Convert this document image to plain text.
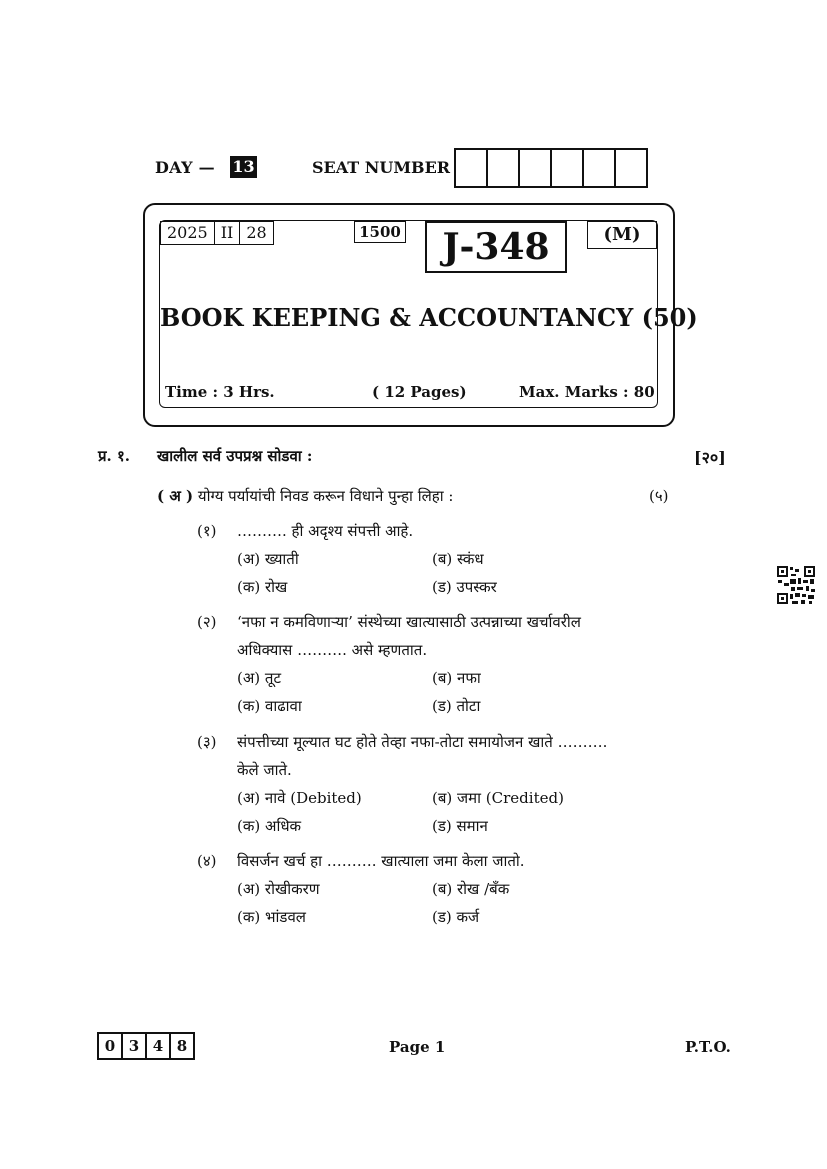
DAY — 13	SEAT NUMBER
2025 II 28	1500	J-348	(M)
BOOK KEEPING & ACCOUNTANCY (50)
Time : 3 Hrs.	( 12 Pages)	Max. Marks : 80
प्र. १. खालील सर्व उपप्रश्न सोडवा :	[२०]
( अ ) योग्य पर्यायांची निवड करून विधाने पुन्हा लिहा :	(५)
(१) ………. ही अदृश्य संपत्ती आहे.
(अ) ख्याती	(ब) स्कंध
(क) रोख	(ड) उपस्कर
(२) ‘नफा न कमविणाऱ्या’ संस्थेच्या खात्यासाठी उत्पन्नाच्या खर्चावरील
अधिक्यास ………. असे म्हणतात.
(अ) तूट	(ब) नफा
(क) वाढावा	(ड) तोटा
(३) संपत्तीच्या मूल्यात घट होते तेव्हा नफा-तोटा समायोजन खाते ……….
केले जाते.
(अ) नावे (Debited)	(ब) जमा (Credited)
(क) अधिक	(ड) समान
(४) विसर्जन खर्च हा ………. खात्याला जमा केला जातो.
(अ) रोखीकरण	(ब) रोख /बँक
(क) भांडवल	(ड) कर्ज
0 3 4 8	Page 1	P.T.O.
